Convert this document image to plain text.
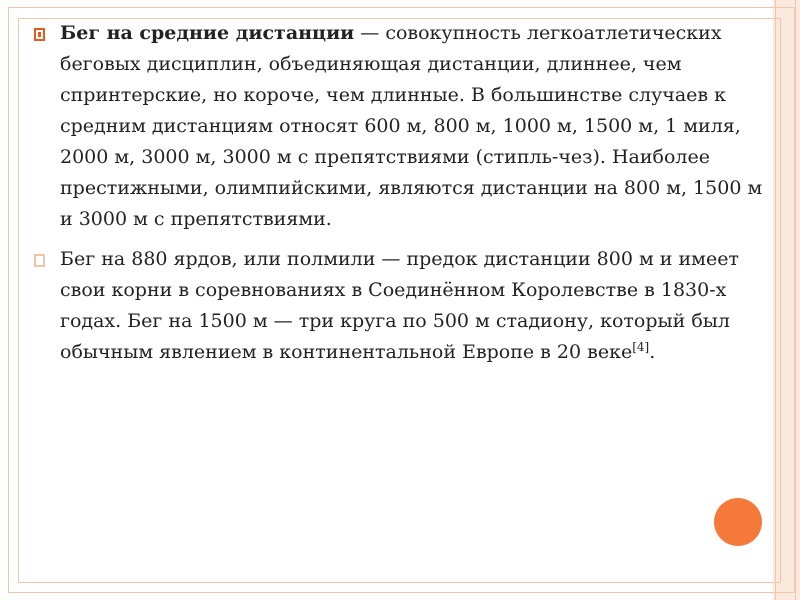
Бег на средние дистанции — совокупность легкоатлетических беговых дисциплин, объединяющая дистанции, длиннее, чем спринтерские, но короче, чем длинные. В большинстве случаев к средним дистанциям относят 600 м, 800 м, 1000 м, 1500 м, 1 миля, 2000 м, 3000 м, 3000 м с препятствиями (стипль-чез). Наиболее престижными, олимпийскими, являются дистанции на 800 м, 1500 м и 3000 м с препятствиями.
Бег на 880 ярдов, или полмили — предок дистанции 800 м и имеет свои корни в соревнованиях в Соединённом Королевстве в 1830-х годах. Бег на 1500 м — три круга по 500 м стадиону, который был обычным явлением в континентальной Европе в 20 веке[4].
